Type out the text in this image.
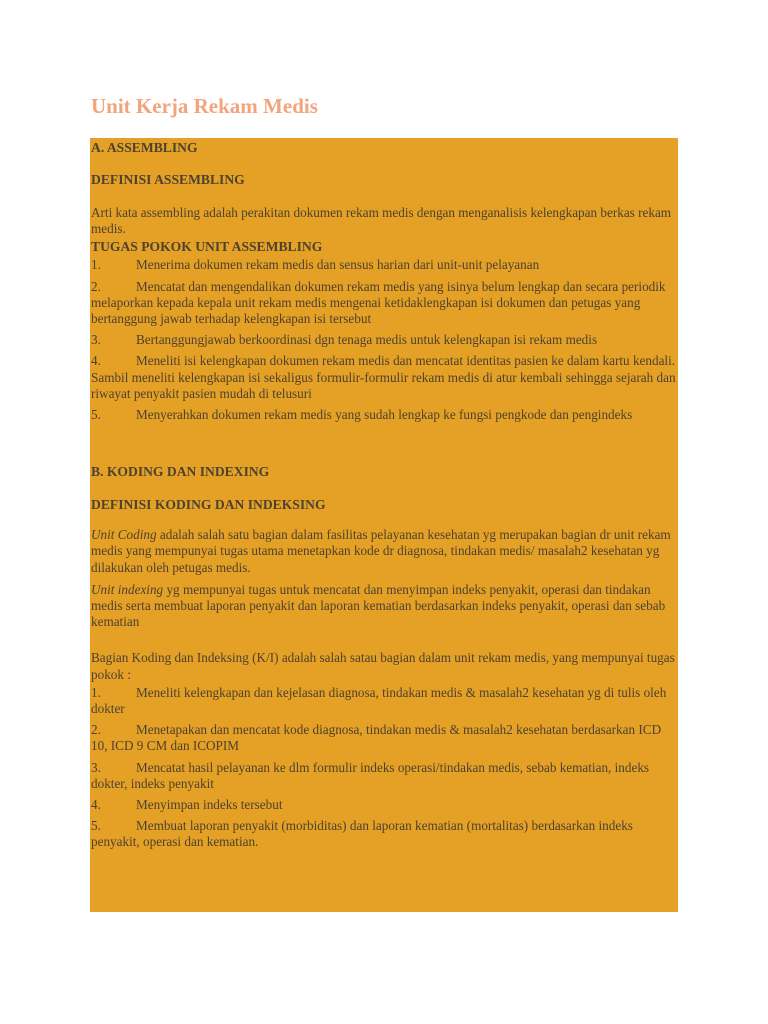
Unit Kerja Rekam Medis
A. ASSEMBLING
DEFINISI ASSEMBLING

Arti kata assembling adalah perakitan dokumen rekam medis dengan menganalisis kelengkapan berkas rekam medis.

TUGAS POKOK UNIT ASSEMBLING

1.	Menerima dokumen rekam medis dan sensus harian dari unit-unit pelayanan

2.	Mencatat dan mengendalikan dokumen rekam medis yang isinya belum lengkap dan secara periodik melaporkan kepada kepala unit rekam medis mengenai ketidaklengkapan isi dokumen dan petugas yang bertanggung jawab terhadap kelengkapan isi tersebut

3.	Bertanggungjawab berkoordinasi dgn tenaga medis untuk kelengkapan isi rekam medis

4.	Meneliti isi kelengkapan dokumen rekam medis dan mencatat identitas pasien ke dalam kartu kendali. Sambil meneliti kelengkapan isi sekaligus formulir-formulir rekam medis di atur kembali sehingga sejarah dan riwayat penyakit pasien mudah di telusuri

5.	Menyerahkan dokumen rekam medis yang sudah lengkap ke fungsi pengkode dan pengindeks

B. KODING DAN INDEXING
DEFINISI KODING DAN INDEKSING

Unit Coding adalah salah satu bagian dalam fasilitas pelayanan kesehatan yg merupakan bagian dr unit rekam medis yang mempunyai tugas utama menetapkan kode dr diagnosa, tindakan medis/ masalah2 kesehatan yg dilakukan oleh petugas medis.

Unit indexing yg mempunyai tugas untuk mencatat dan menyimpan indeks penyakit, operasi dan tindakan medis serta membuat laporan penyakit dan laporan kematian berdasarkan indeks penyakit, operasi dan sebab kematian

Bagian Koding dan Indeksing (K/I) adalah salah satau bagian dalam unit rekam medis, yang mempunyai tugas pokok :

1.	Meneliti kelengkapan dan kejelasan diagnosa, tindakan medis & masalah2 kesehatan yg di tulis oleh dokter

2.	Menetapakan dan mencatat kode diagnosa, tindakan medis & masalah2 kesehatan berdasarkan ICD 10, ICD 9 CM dan ICOPIM

3.	Mencatat hasil pelayanan ke dlm formulir indeks operasi/tindakan medis, sebab kematian, indeks dokter, indeks penyakit

4.	Menyimpan indeks tersebut

5.	Membuat laporan penyakit (morbiditas) dan laporan kematian (mortalitas) berdasarkan indeks penyakit, operasi dan kematian.
